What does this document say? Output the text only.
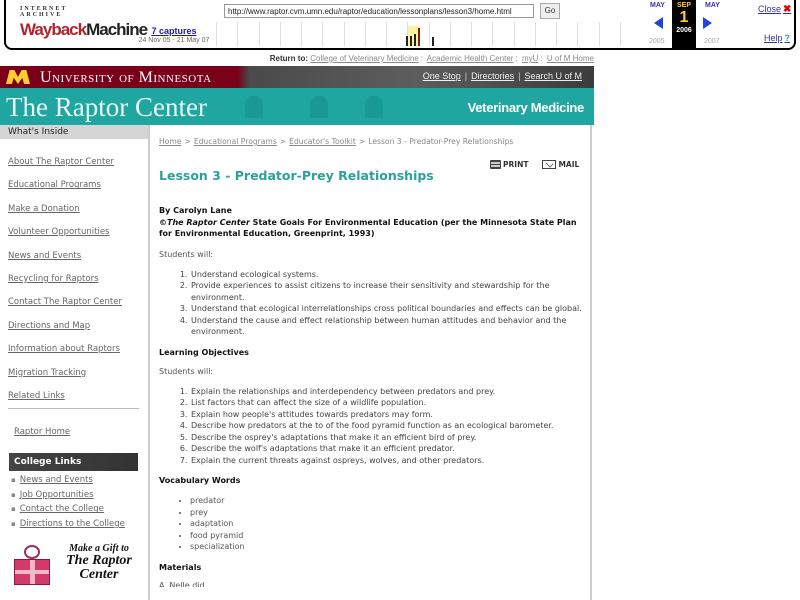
INTERNET ARCHIVE
WaybackMachine
http://www.raptor.cvm.umn.edu/raptor/education/lessonplans/lesson3/home.html
Go
7 captures
24 Nov 05 - 21 May 07
MAY	MAY
2005	2007
SEP
1
2006
Close ✖
Help ?
Return to: College of Veterinary Medicine : Academic Health Center : myU : U of M Home
University of Minnesota	One Stop | Directories | Search U of M
The Raptor Center	Veterinary Medicine
What's Inside
About The Raptor Center
Educational Programs
Make a Donation
Volunteer Opportunities
News and Events
Recycling for Raptors
Contact The Raptor Center
Directions and Map
Information about Raptors
Migration Tracking
Related Links
Raptor Home
College Links
▪ News and Events
▪ Job Opportunities
▪ Contact the College
▪ Directions to the College
Make a Gift to
The Raptor
Center
Home > Educational Programs > Educator's Toolkit > Lesson 3 - Predator-Prey Relationships
PRINT	MAIL
Lesson 3 - Predator-Prey Relationships
By Carolyn Lane
©The Raptor Center State Goals For Environmental Education (per the Minnesota State Plan for Environmental Education, Greenprint, 1993)
Students will:
1. Understand ecological systems.
2. Provide experiences to assist citizens to increase their sensitivity and stewardship for the environment.
3. Understand that ecological interrelationships cross political boundaries and effects can be global.
4. Understand the cause and effect relationship between human attitudes and behavior and the environment.
Learning Objectives
Students will:
1. Explain the relationships and interdependency between predators and prey.
2. List factors that can affect the size of a wildlife population.
3. Explain how people's attitudes towards predators may form.
4. Describe how predators at the to of the food pyramid function as an ecological barometer.
5. Describe the osprey's adaptations that make it an efficient bird of prey.
6. Describe the wolf's adaptations that make it an efficient predator.
7. Explain the current threats against ospreys, wolves, and other predators.
Vocabulary Words
• predator
• prey
• adaptation
• food pyramid
• specialization
Materials
A. Nelle did...
